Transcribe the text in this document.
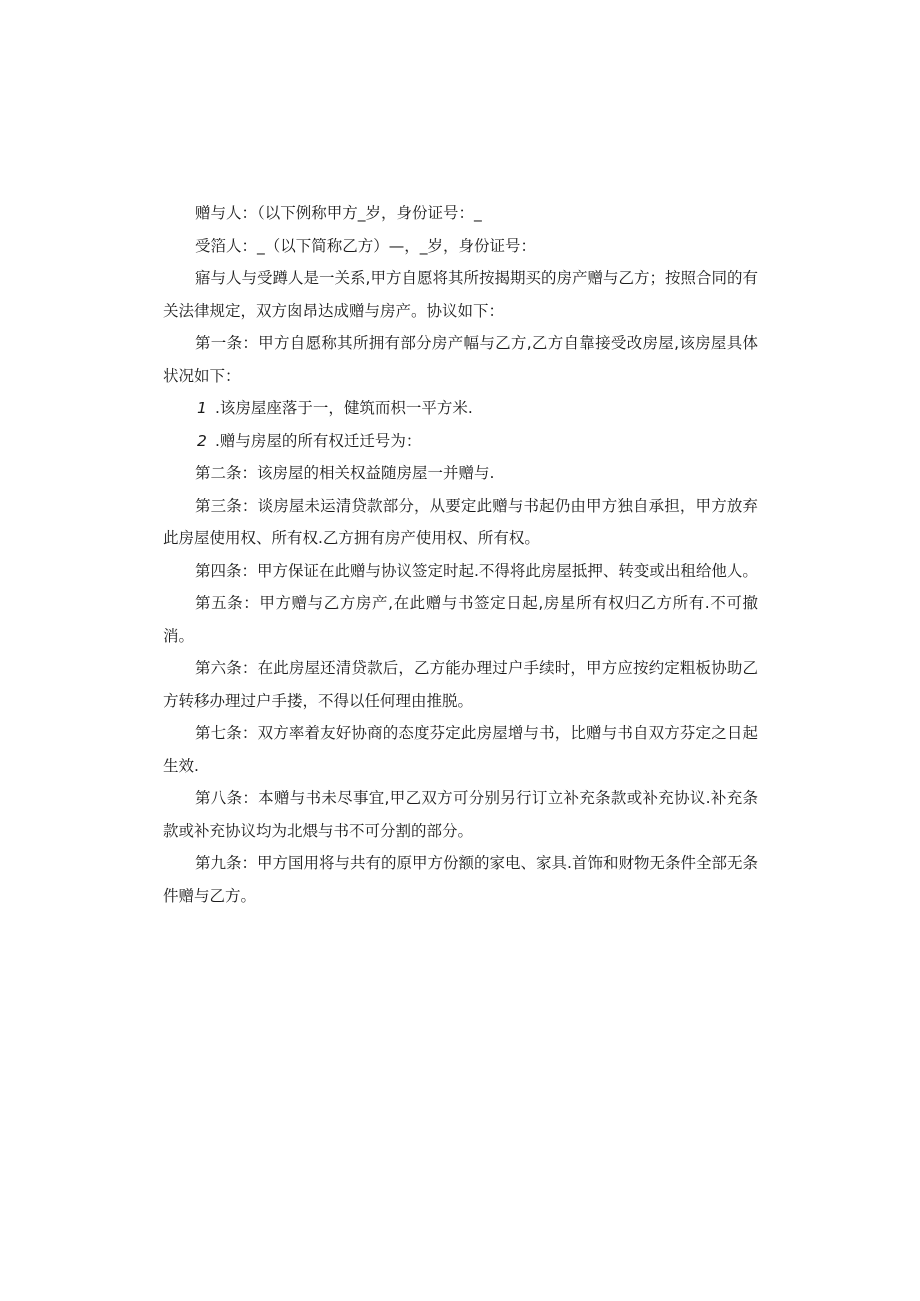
赠与人：（以下例称甲方_岁，身份证号：_

受箔人：_（以下简称乙方）—，_岁，身份证号：

寤与人与受蹲人是一关系,甲方自愿将其所按揭期买的房产赠与乙方；按照合同的有关法律规定，双方囱昂达成赠与房产。协议如下：

第一条：甲方自愿称其所拥有部分房产幅与乙方,乙方自靠接受改房屋,该房屋具体状况如下：

1 .该房屋座落于一，健筑而枳一平方米.

2 .赠与房屋的所有权迁迁号为：

第二条：该房屋的相关权益随房屋一并赠与.

第三条：谈房屋未运清贷款部分，从要定此赠与书起仍由甲方独自承担，甲方放弃此房屋使用权、所有权.乙方拥有房产使用权、所有权。

第四条：甲方保证在此赠与协议签定时起.不得将此房屋抵押、转变或出租给他人。

第五条：甲方赠与乙方房产,在此赠与书签定日起,房星所有权归乙方所有.不可撤消。

第六条：在此房屋还清贷款后，乙方能办理过户手续时，甲方应按约定粗板协助乙方转移办理过户手搂，不得以任何理由推脱。

第七条：双方率着友好协商的态度芬定此房屋增与书，比赠与书自双方芬定之日起生效.

第八条：本赠与书未尽事宜,甲乙双方可分别另行订立补充条款或补充协议.补充条款或补充协议均为北煨与书不可分割的部分。

第九条：甲方国用将与共有的原甲方份额的家电、家具.首饰和财物无条件全部无条件赠与乙方。
